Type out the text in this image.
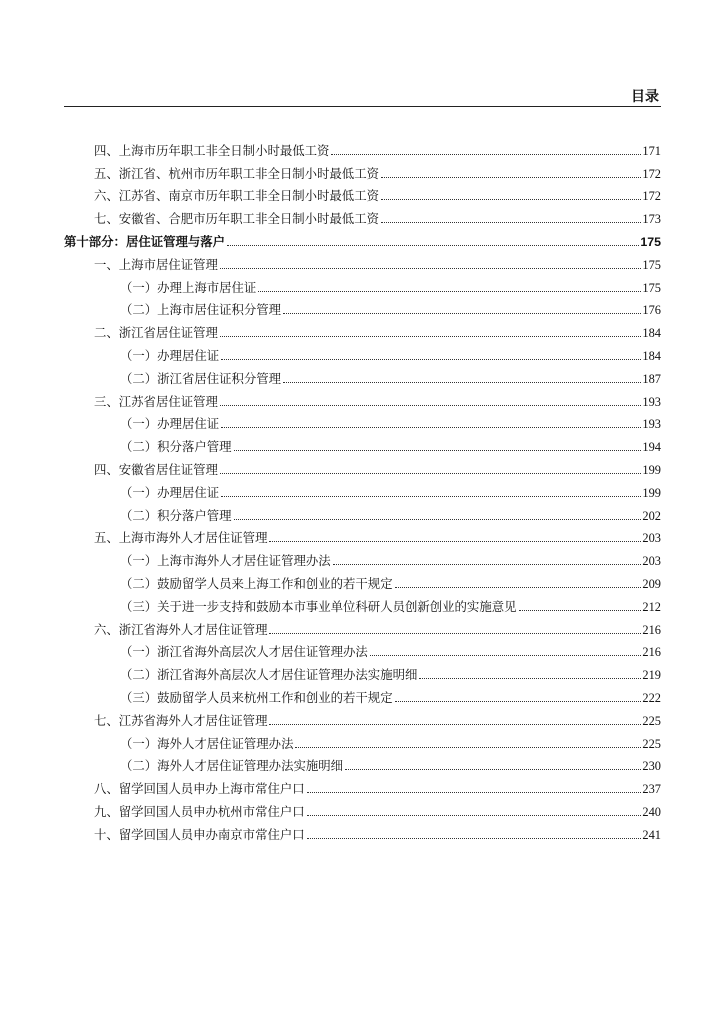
目录
四、上海市历年职工非全日制小时最低工资	171
五、浙江省、杭州市历年职工非全日制小时最低工资	172
六、江苏省、南京市历年职工非全日制小时最低工资	172
七、安徽省、合肥市历年职工非全日制小时最低工资	173
第十部分：居住证管理与落户	175
一、上海市居住证管理	175
（一）办理上海市居住证	175
（二）上海市居住证积分管理	176
二、浙江省居住证管理	184
（一）办理居住证	184
（二）浙江省居住证积分管理	187
三、江苏省居住证管理	193
（一）办理居住证	193
（二）积分落户管理	194
四、安徽省居住证管理	199
（一）办理居住证	199
（二）积分落户管理	202
五、上海市海外人才居住证管理	203
（一）上海市海外人才居住证管理办法	203
（二）鼓励留学人员来上海工作和创业的若干规定	209
（三）关于进一步支持和鼓励本市事业单位科研人员创新创业的实施意见	212
六、浙江省海外人才居住证管理	216
（一）浙江省海外高层次人才居住证管理办法	216
（二）浙江省海外高层次人才居住证管理办法实施明细	219
（三）鼓励留学人员来杭州工作和创业的若干规定	222
七、江苏省海外人才居住证管理	225
（一）海外人才居住证管理办法	225
（二）海外人才居住证管理办法实施明细	230
八、留学回国人员申办上海市常住户口	237
九、留学回国人员申办杭州市常住户口	240
十、留学回国人员申办南京市常住户口	241
